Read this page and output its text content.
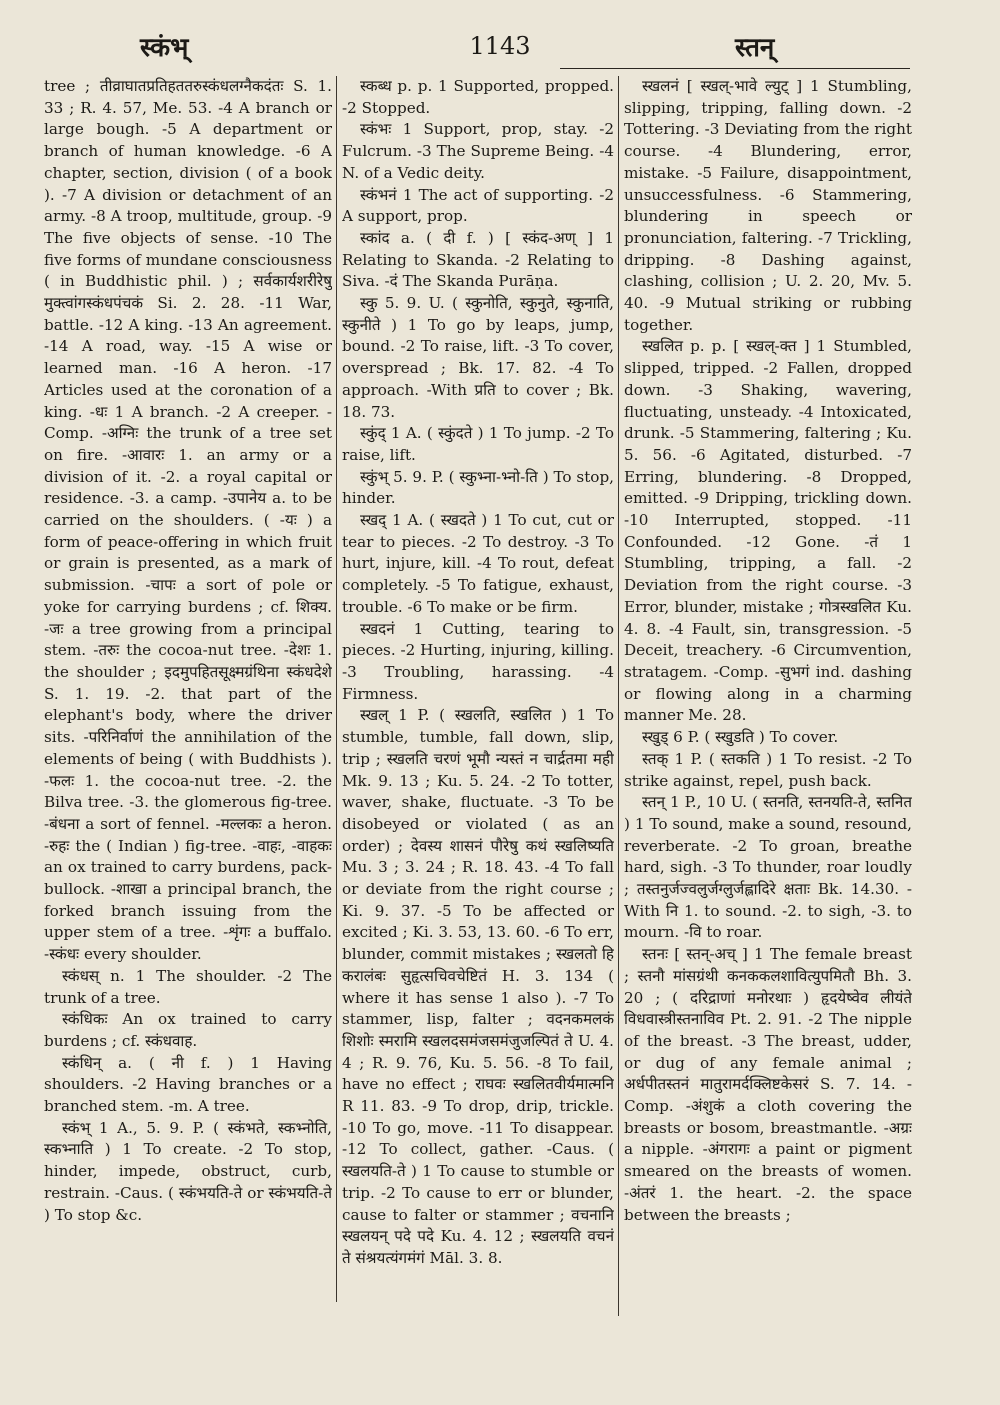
स्कंभ्	1143	स्तन्

tree ; तीव्राघातप्रतिहततरुस्कंधलग्नैकदंतः S. 1. 33 ; R. 4. 57, Me. 53. -4 A branch or large bough. -5 A department or branch of human knowledge. -6 A chapter, section, division ( of a book ). -7 A division or detachment of an army. -8 A troop, multitude, group. -9 The five objects of sense. -10 The five forms of mundane consciousness ( in Buddhistic phil. ) ; सर्वकार्यशरीरेषु मुक्त्वांगस्कंधपंचकं Si. 2. 28. -11 War, battle. -12 A king. -13 An agreement. -14 A road, way. -15 A wise or learned man. -16 A heron. -17 Articles used at the coronation of a king. -धः 1 A branch. -2 A creeper. -Comp. -अग्निः the trunk of a tree set on fire. -आवारः 1. an army or a division of it. -2. a royal capital or residence. -3. a camp. -उपानेय a. to be carried on the shoulders. ( -यः ) a form of peace-offering in which fruit or grain is presented, as a mark of submission. -चापः a sort of pole or yoke for carrying burdens ; cf. शिक्य. -जः a tree growing from a principal stem. -तरुः the cocoa-nut tree. -देशः 1. the shoulder ; इदमुपहितसूक्ष्मग्रंथिना स्कंधदेशे S. 1. 19. -2. that part of the elephant's body, where the driver sits. -परिनिर्वाणं the annihilation of the elements of being ( with Buddhists ). -फलः 1. the cocoa-nut tree. -2. the Bilva tree. -3. the glomerous fig-tree. -बंधना a sort of fennel. -मल्लकः a heron. -रुहः the ( Indian ) fig-tree. -वाहः, -वाहकः an ox trained to carry burdens, pack-bullock. -शाखा a principal branch, the forked branch issuing from the upper stem of a tree. -शृंगः a buffalo. -स्कंधः every shoulder.

स्कंधस् n. 1 The shoulder. -2 The trunk of a tree.

स्कंधिकः An ox trained to carry burdens ; cf. स्कंधवाह.

स्कंधिन् a. ( नी f. ) 1 Having shoulders. -2 Having branches or a branched stem. -m. A tree.

स्कंभ् 1 A., 5. 9. P. ( स्कंभते, स्कभ्नोति, स्कभ्नाति ) 1 To create. -2 To stop, hinder, impede, obstruct, curb, restrain. -Caus. ( स्कंभयति-ते or स्कंभयति-ते ) To stop &c.

स्कब्ध p. p. 1 Supported, propped. -2 Stopped.

स्कंभः 1 Support, prop, stay. -2 Fulcrum. -3 The Supreme Being. -4 N. of a Vedic deity.

स्कंभनं 1 The act of supporting. -2 A support, prop.

स्कांद a. ( दी f. ) [ स्कंद-अण् ] 1 Relating to Skanda. -2 Relating to Siva. -दं The Skanda Purāṇa.

स्कु 5. 9. U. ( स्कुनोति, स्कुनुते, स्कुनाति, स्कुनीते ) 1 To go by leaps, jump, bound. -2 To raise, lift. -3 To cover, overspread ; Bk. 17. 82. -4 To approach. -With प्रति to cover ; Bk. 18. 73.

स्कुंद् 1 A. ( स्कुंदते ) 1 To jump. -2 To raise, lift.

स्कुंभ् 5. 9. P. ( स्कुभ्ना-भ्नो-ति ) To stop, hinder.

स्खद् 1 A. ( स्खदते ) 1 To cut, cut or tear to pieces. -2 To destroy. -3 To hurt, injure, kill. -4 To rout, defeat completely. -5 To fatigue, exhaust, trouble. -6 To make or be firm.

स्खदनं 1 Cutting, tearing to pieces. -2 Hurting, injuring, killing. -3 Troubling, harassing. -4 Firmness.

स्खल् 1 P. ( स्खलति, स्खलित ) 1 To stumble, tumble, fall down, slip, trip ; स्खलति चरणं भूमौ न्यस्तं न चार्द्रतमा मही Mk. 9. 13 ; Ku. 5. 24. -2 To totter, waver, shake, fluctuate. -3 To be disobeyed or violated ( as an order) ; देवस्य शासनं पौरेषु कथं स्खलिष्यति Mu. 3 ; 3. 24 ; R. 18. 43. -4 To fall or deviate from the right course ; Ki. 9. 37. -5 To be affected or excited ; Ki. 3. 53, 13. 60. -6 To err, blunder, commit mistakes ; स्खलतो हि करालंबः सुहृत्सचिवचेष्टितं H. 3. 134 ( where it has sense 1 also ). -7 To stammer, lisp, falter ; वदनकमलकं शिशोः स्मरामि स्खलदसमंजसमंजुजल्पितं ते U. 4. 4 ; R. 9. 76, Ku. 5. 56. -8 To fail, have no effect ; राघवः स्खलितवीर्यमात्मनि R 11. 83. -9 To drop, drip, trickle. -10 To go, move. -11 To disappear. -12 To collect, gather. -Caus. ( स्खलयति-ते ) 1 To cause to stumble or trip. -2 To cause to err or blunder, cause to falter or stammer ; वचनानि स्खलयन् पदे पदे Ku. 4. 12 ; स्खलयति वचनं ते संश्रयत्यंगमंगं Māl. 3. 8.

स्खलनं [ स्खल्-भावे ल्युट् ] 1 Stumbling, slipping, tripping, falling down. -2 Tottering. -3 Deviating from the right course. -4 Blundering, error, mistake. -5 Failure, disappointment, unsuccessfulness. -6 Stammering, blundering in speech or pronunciation, faltering. -7 Trickling, dripping. -8 Dashing against, clashing, collision ; U. 2. 20, Mv. 5. 40. -9 Mutual striking or rubbing together.

स्खलित p. p. [ स्खल्-क्त ] 1 Stumbled, slipped, tripped. -2 Fallen, dropped down. -3 Shaking, wavering, fluctuating, unsteady. -4 Intoxicated, drunk. -5 Stammering, faltering ; Ku. 5. 56. -6 Agitated, disturbed. -7 Erring, blundering. -8 Dropped, emitted. -9 Dripping, trickling down. -10 Interrupted, stopped. -11 Confounded. -12 Gone. -तं 1 Stumbling, tripping, a fall. -2 Deviation from the right course. -3 Error, blunder, mistake ; गोत्रस्खलित Ku. 4. 8. -4 Fault, sin, transgression. -5 Deceit, treachery. -6 Circumvention, stratagem. -Comp. -सुभगं ind. dashing or flowing along in a charming manner Me. 28.

स्खुड् 6 P. ( स्खुडति ) To cover.

स्तक् 1 P. ( स्तकति ) 1 To resist. -2 To strike against, repel, push back.

स्तन् 1 P., 10 U. ( स्तनति, स्तनयति-ते, स्तनित ) 1 To sound, make a sound, resound, reverberate. -2 To groan, breathe hard, sigh. -3 To thunder, roar loudly ; तस्तनुर्जज्वलुर्जग्लुर्जह्लादिरे क्षताः Bk. 14.30. -With नि 1. to sound. -2. to sigh, -3. to mourn. -वि to roar.

स्तनः [ स्तन्-अच् ] 1 The female breast ; स्तनौ मांसग्रंथी कनककलशावित्युपमितौ Bh. 3. 20 ; ( दरिद्राणां मनोरथाः ) हृदयेष्वेव लीयंते विधवास्त्रीस्तनाविव Pt. 2. 91. -2 The nipple of the breast. -3 The breast, udder, or dug of any female animal ; अर्धपीतस्तनं मातुरामर्दक्लिष्टकेसरं S. 7. 14. -Comp. -अंशुकं a cloth covering the breasts or bosom, breastmantle. -अग्रः a nipple. -अंगरागः a paint or pigment smeared on the breasts of women. -अंतरं 1. the heart. -2. the space between the breasts ;
